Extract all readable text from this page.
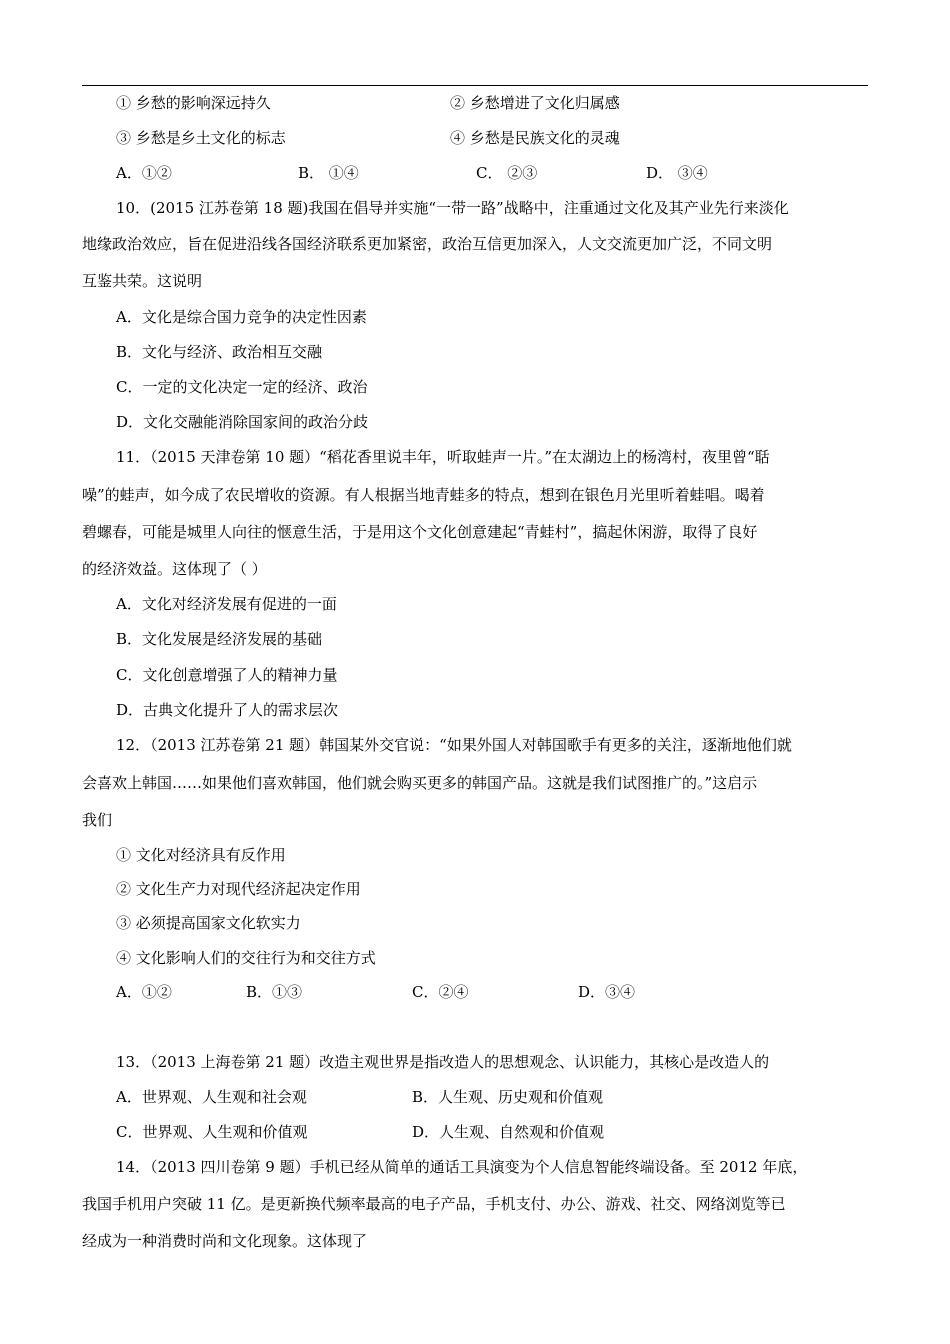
① 乡愁的影响深远持久	② 乡愁增进了文化归属感
③ 乡愁是乡土文化的标志	④ 乡愁是民族文化的灵魂
A．①②	B． ①④	C． ②③	D． ③④
10．(2015 江苏卷第 18 题)我国在倡导并实施“一带一路”战略中，注重通过文化及其产业先行来淡化
地缘政治效应，旨在促进沿线各国经济联系更加紧密，政治互信更加深入，人文交流更加广泛，不同文明
互鉴共荣。这说明
A．文化是综合国力竞争的决定性因素
B．文化与经济、政治相互交融
C．一定的文化决定一定的经济、政治
D．文化交融能消除国家间的政治分歧
11．（2015 天津卷第 10 题）“稻花香里说丰年，听取蛙声一片。”在太湖边上的杨湾村，夜里曾“聒
噪”的蛙声，如今成了农民增收的资源。有人根据当地青蛙多的特点，想到在银色月光里听着蛙唱。喝着
碧螺春，可能是城里人向往的惬意生活，于是用这个文化创意建起“青蛙村”，搞起休闲游，取得了良好
的经济效益。这体现了（ ）
A．文化对经济发展有促进的一面
B．文化发展是经济发展的基础
C．文化创意增强了人的精神力量
D．古典文化提升了人的需求层次
12．（2013 江苏卷第 21 题）韩国某外交官说：“如果外国人对韩国歌手有更多的关注，逐渐地他们就
会喜欢上韩国……如果他们喜欢韩国，他们就会购买更多的韩国产品。这就是我们试图推广的。”这启示
我们
① 文化对经济具有反作用
② 文化生产力对现代经济起决定作用
③ 必须提高国家文化软实力
④ 文化影响人们的交往行为和交往方式
A．①②	B．①③	C．②④	D．③④
13．（2013 上海卷第 21 题）改造主观世界是指改造人的思想观念、认识能力，其核心是改造人的
A．世界观、人生观和社会观	B．人生观、历史观和价值观
C．世界观、人生观和价值观	D．人生观、自然观和价值观
14．（2013 四川卷第 9 题）手机已经从简单的通话工具演变为个人信息智能终端设备。至 2012 年底，
我国手机用户突破 11 亿。是更新换代频率最高的电子产品，手机支付、办公、游戏、社交、网络浏览等已
经成为一种消费时尚和文化现象。这体现了
